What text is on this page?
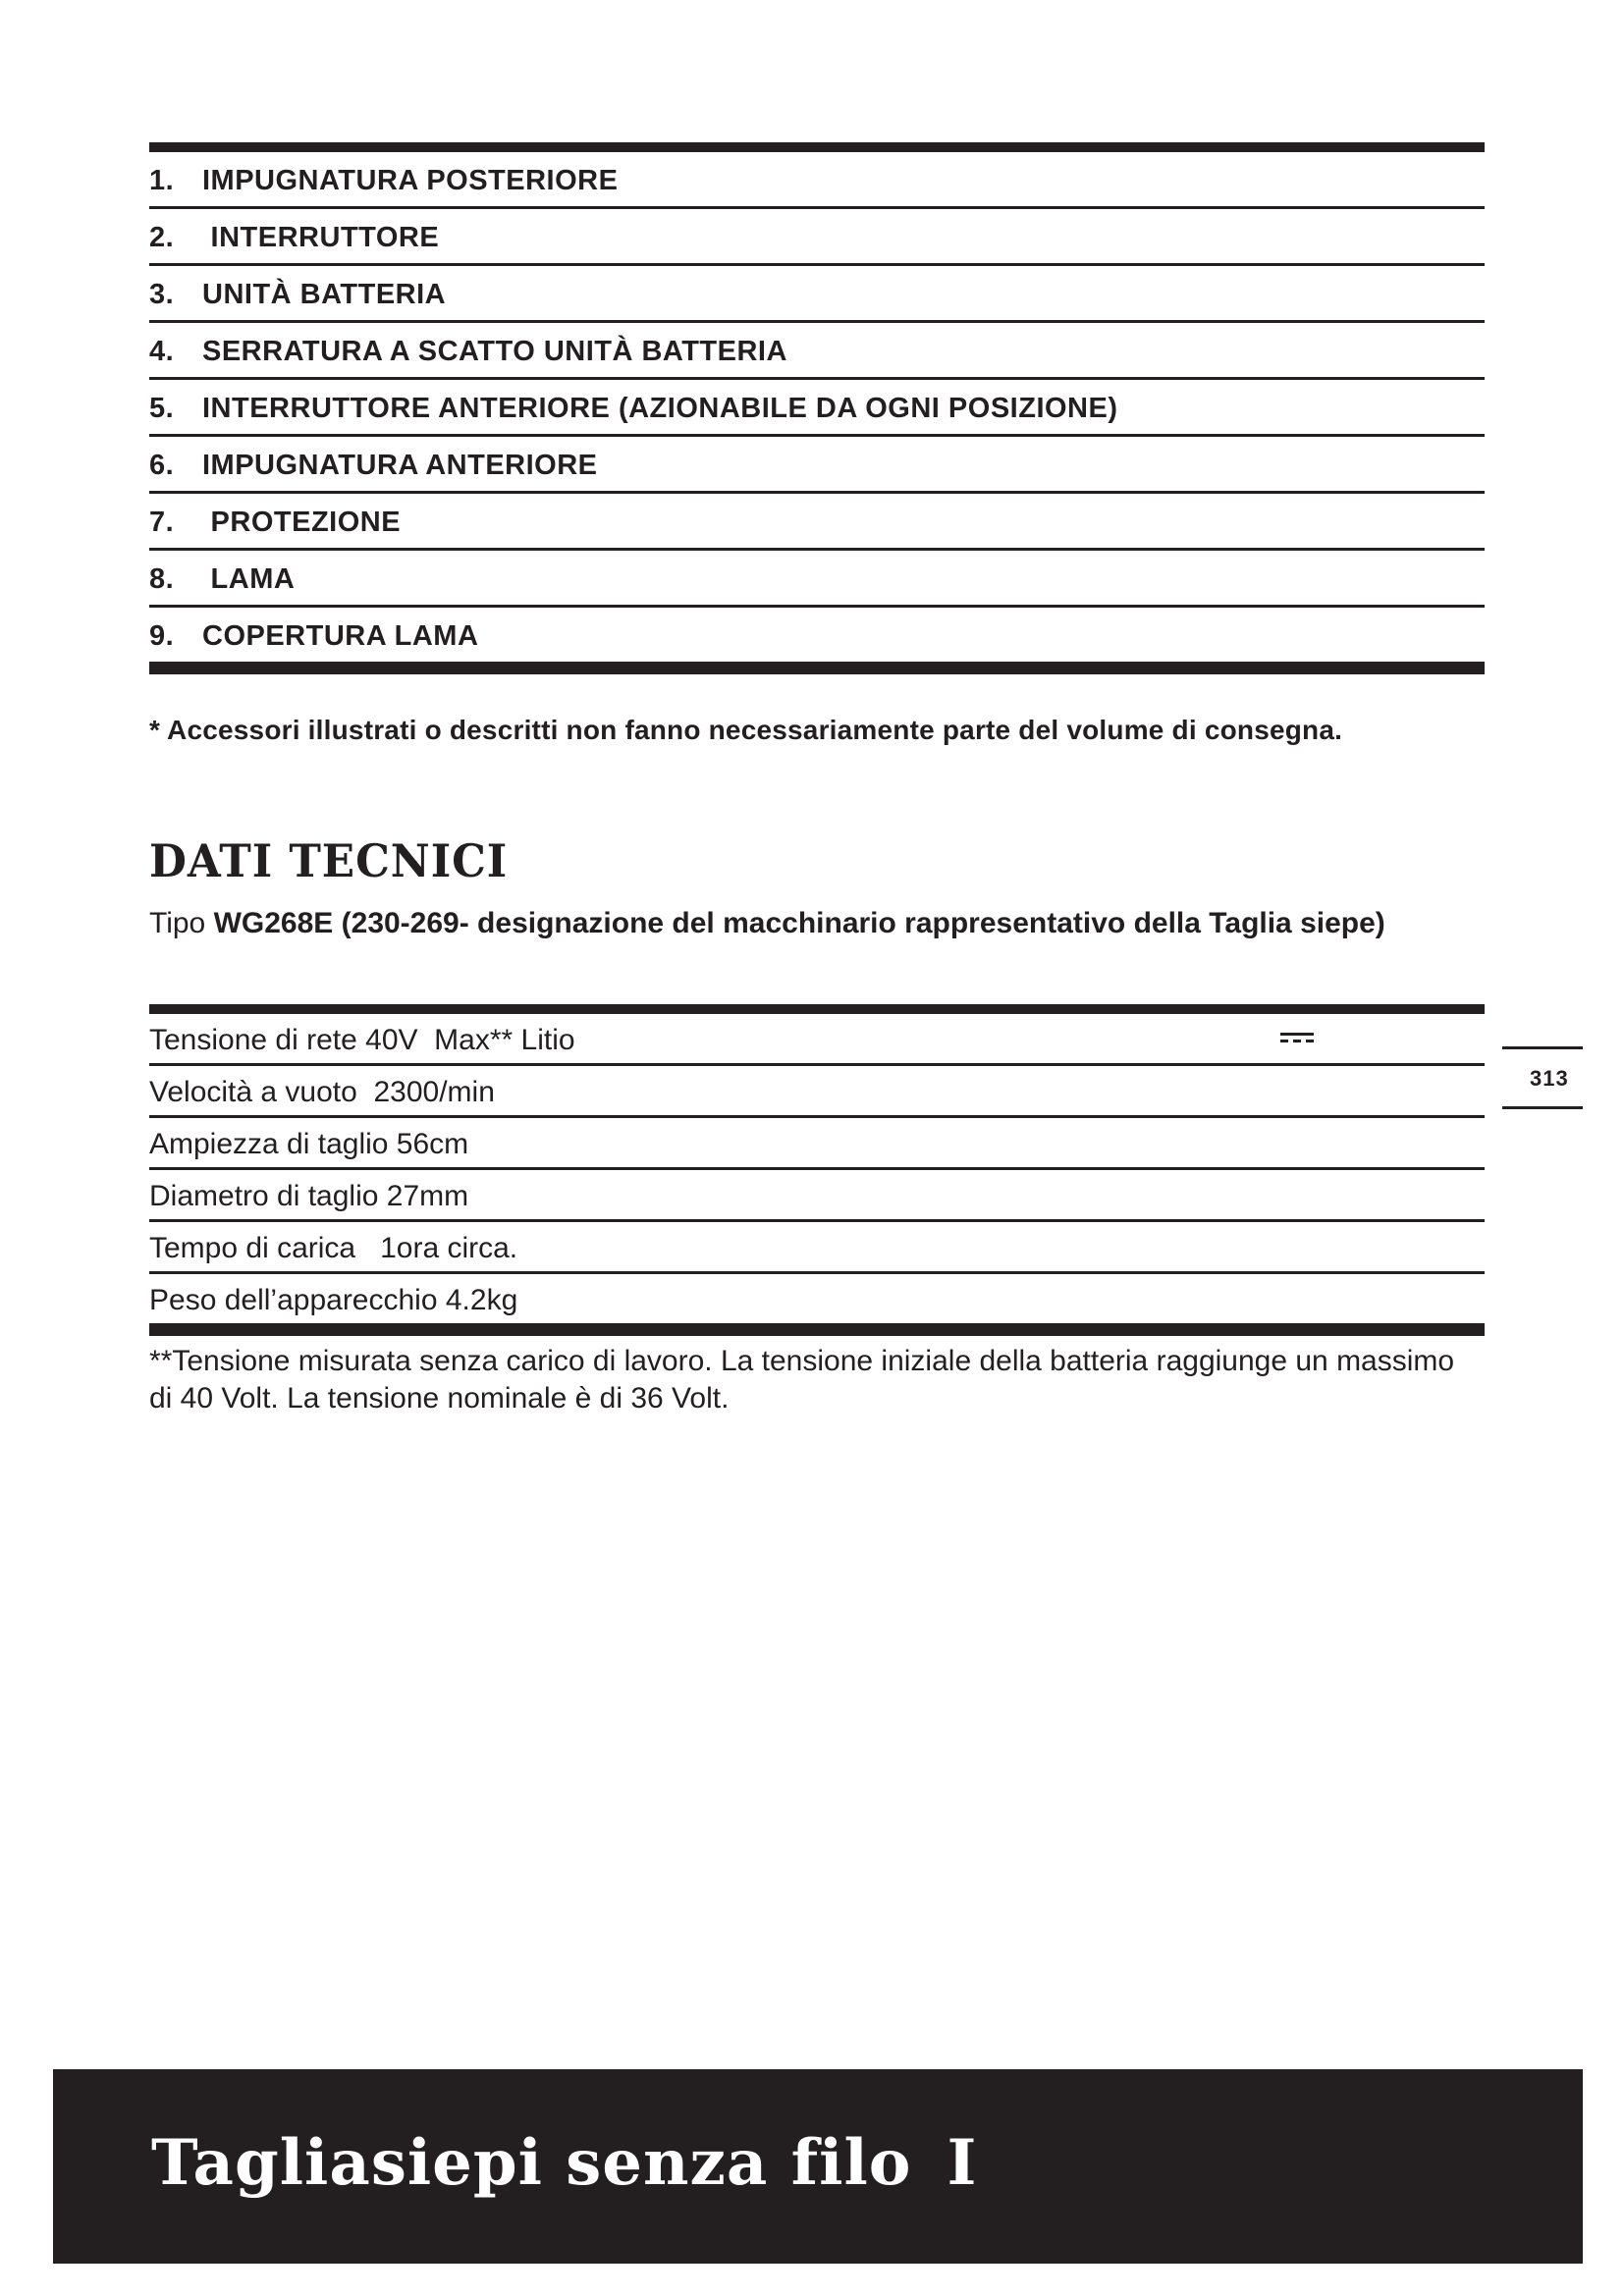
1. IMPUGNATURA POSTERIORE
2. INTERRUTTORE
3. UNITÀ BATTERIA
4. SERRATURA A SCATTO UNITÀ BATTERIA
5. INTERRUTTORE ANTERIORE (AZIONABILE DA OGNI POSIZIONE)
6. IMPUGNATURA ANTERIORE
7. PROTEZIONE
8. LAMA
9. COPERTURA LAMA
* Accessori illustrati o descritti non fanno necessariamente parte del volume di consegna.
DATI TECNICI
Tipo WG268E (230-269- designazione del macchinario rappresentativo della Taglia siepe)
Tensione di rete 40V  Max** Litio
Velocità a vuoto  2300/min
Ampiezza di taglio 56cm
Diametro di taglio 27mm
Tempo di carica   1ora circa.
Peso dell’apparecchio 4.2kg
**Tensione misurata senza carico di lavoro. La tensione iniziale della batteria raggiunge un massimo di 40 Volt. La tensione nominale è di 36 Volt.
313
Tagliasiepi senza filo I
